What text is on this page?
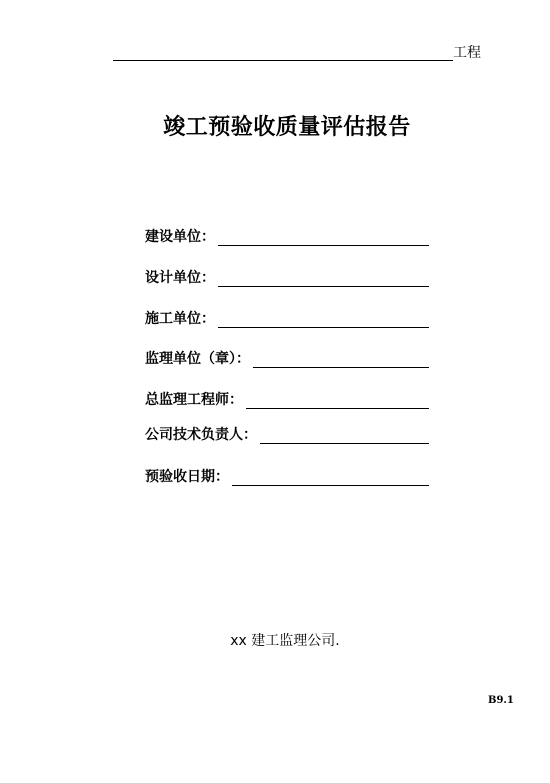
工程
竣工预验收质量评估报告
建设单位：
设计单位：
施工单位：
监理单位（章）：
总监理工程师：
公司技术负责人：
预验收日期：
xx 建工监理公司.
B9.1
